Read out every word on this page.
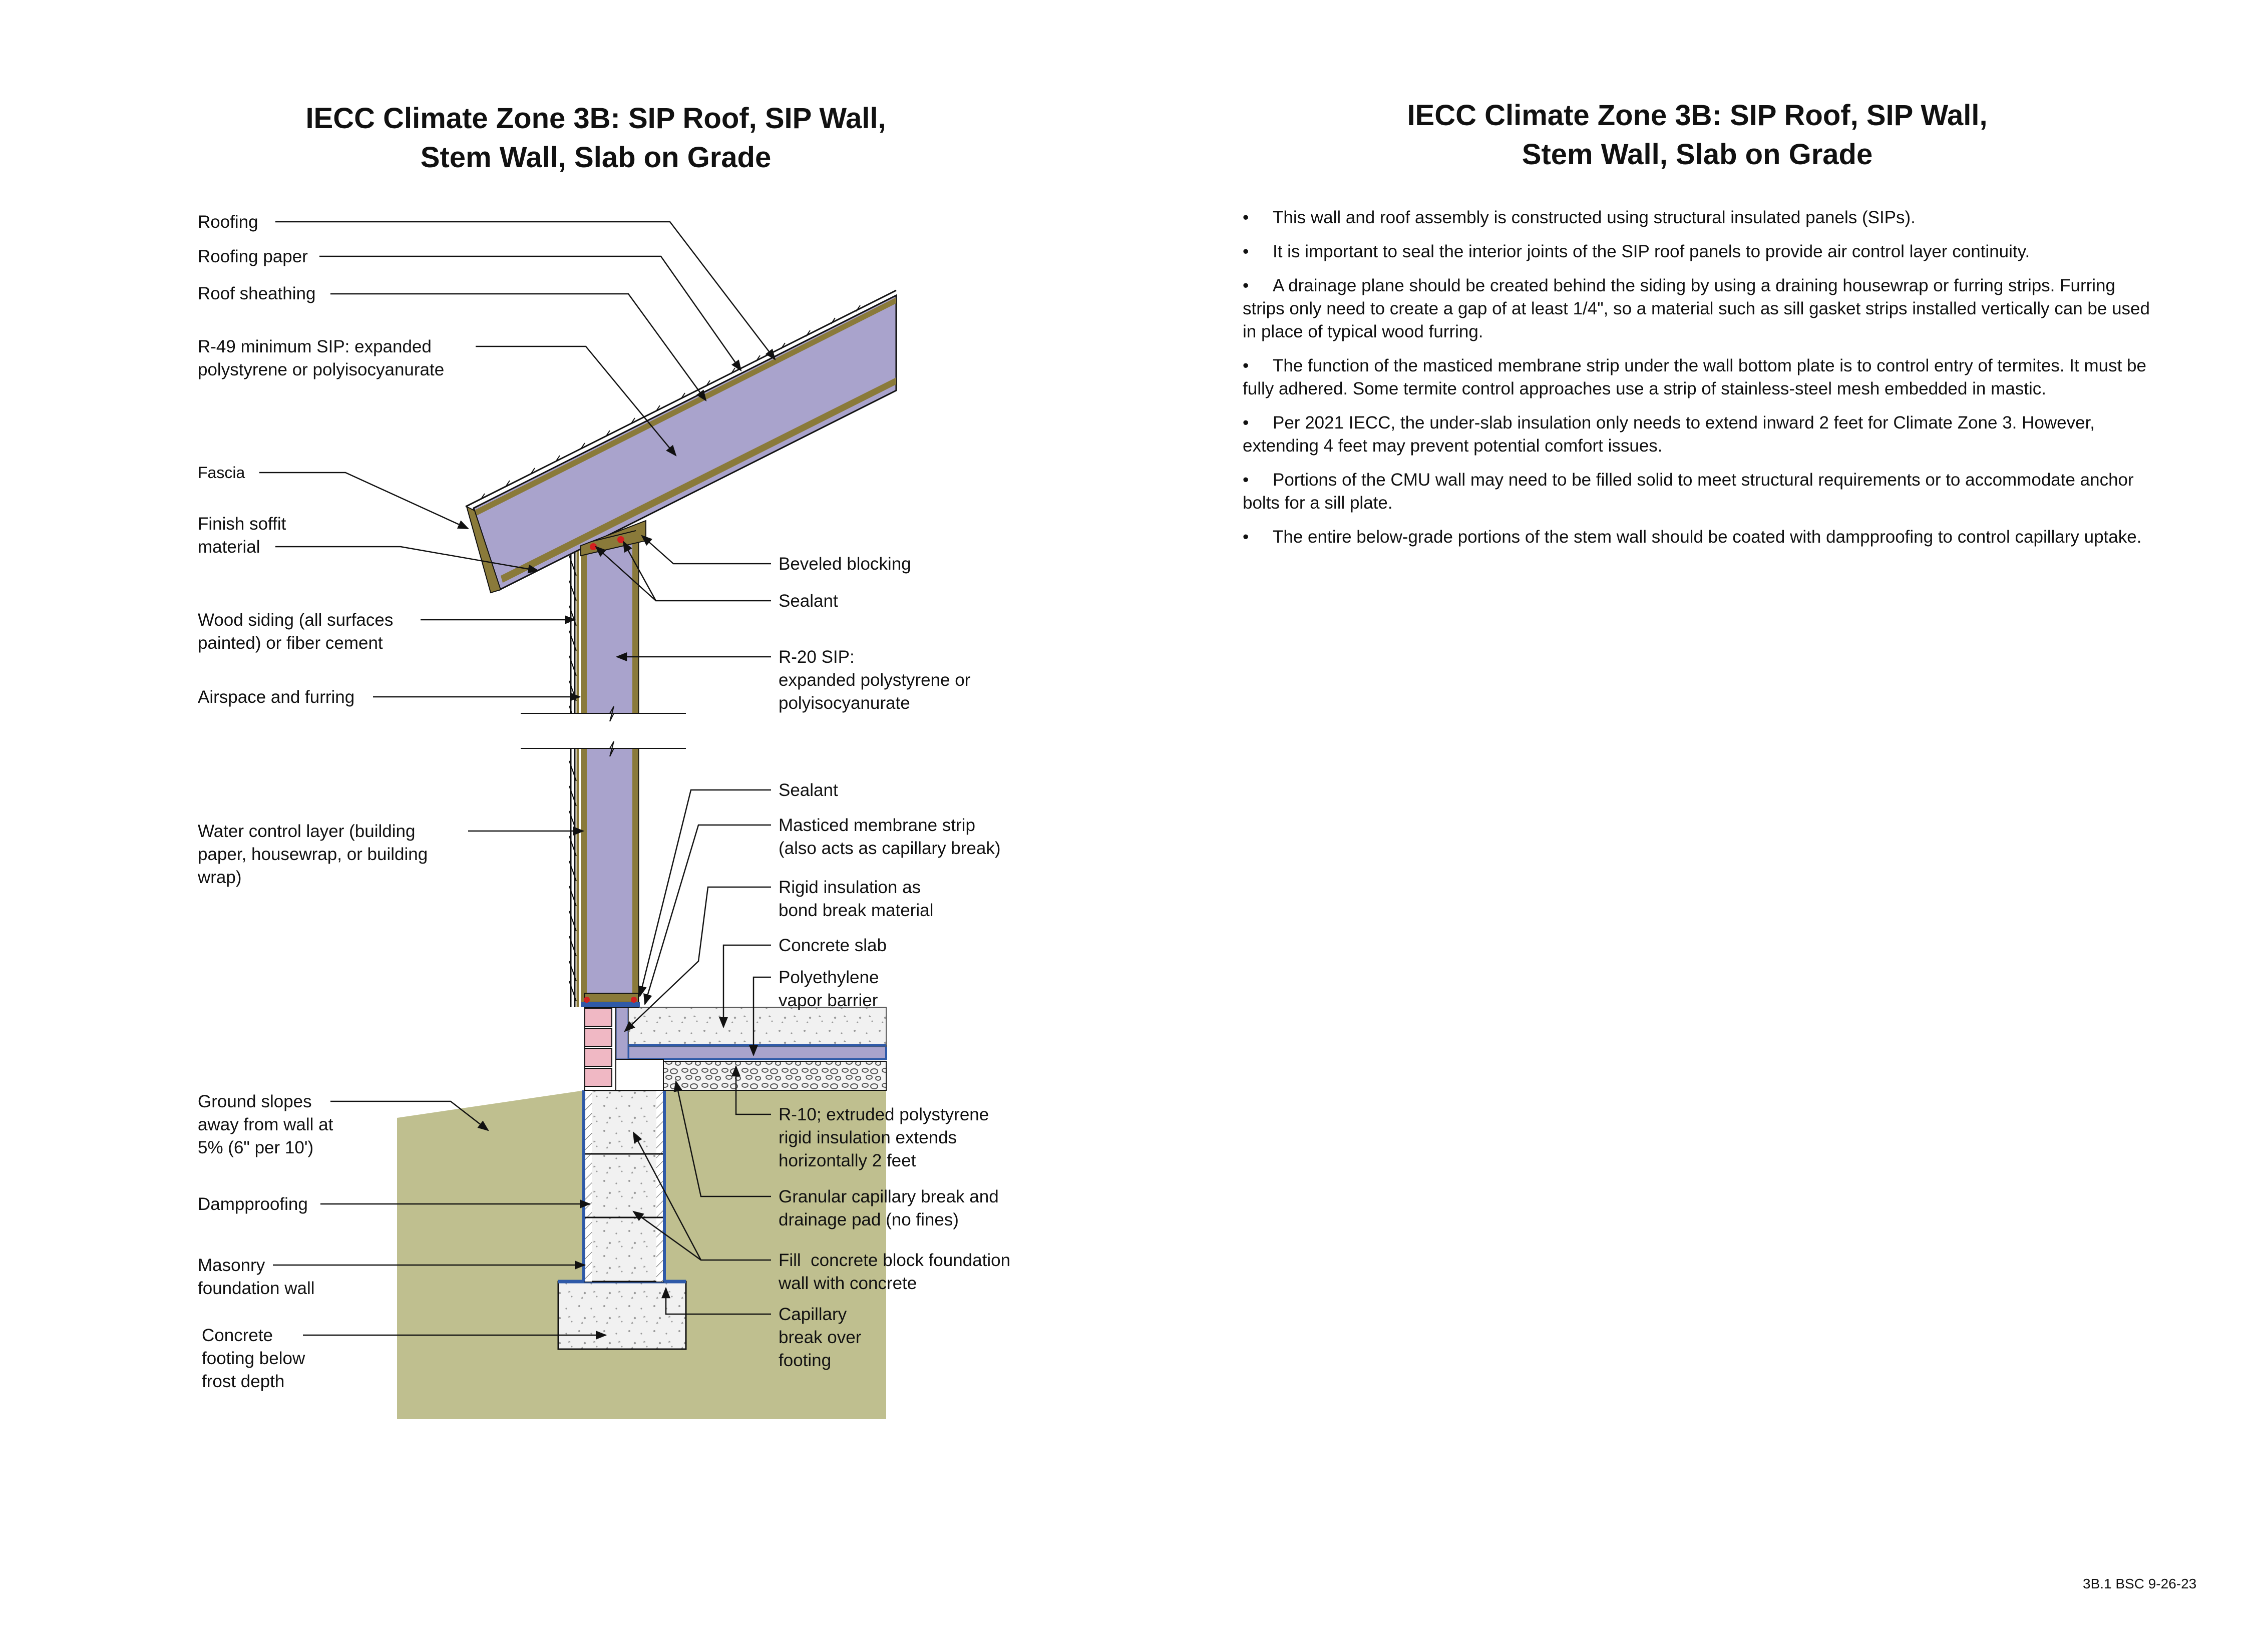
IECC Climate Zone 3B: SIP Roof, SIP Wall,
Stem Wall, Slab on Grade
IECC Climate Zone 3B: SIP Roof, SIP Wall,
Stem Wall, Slab on Grade
Roofing
Roofing paper
Roof sheathing
R-49 minimum SIP: expanded
polystyrene or polyisocyanurate
Fascia
Finish soffit
material
Wood siding (all surfaces
painted) or fiber cement
Airspace and furring
Water control layer (building
paper, housewrap, or building
wrap)
Ground slopes
away from wall at
5% (6" per 10')
Dampproofing
Masonry
foundation wall
Concrete
footing below
frost depth
Beveled blocking
Sealant
R-20 SIP:
expanded polystyrene or
polyisocyanurate
Sealant
Masticed membrane strip
(also acts as capillary break)
Rigid insulation as
bond break material
Concrete slab
Polyethylene
vapor barrier
R-10; extruded polystyrene
rigid insulation extends
horizontally 2 feet
Granular capillary break and
drainage pad (no fines)
Fill  concrete block foundation
wall with concrete
Capillary
break over
footing
• This wall and roof assembly is constructed using structural insulated panels (SIPs).
• It is important to seal the interior joints of the SIP roof panels to provide air control layer continuity.
• A drainage plane should be created behind the siding by using a draining housewrap or furring strips. Furring strips only need to create a gap of at least 1/4", so a material such as sill gasket strips installed vertically can be used in place of typical wood furring.
• The function of the masticed membrane strip under the wall bottom plate is to control entry of termites. It must be fully adhered. Some termite control approaches use a strip of stainless-steel mesh embedded in mastic.
• Per 2021 IECC, the under-slab insulation only needs to extend inward 2 feet for Climate Zone 3. However, extending 4 feet may prevent potential comfort issues.
• Portions of the CMU wall may need to be filled solid to meet structural requirements or to accommodate anchor bolts for a sill plate.
• The entire below-grade portions of the stem wall should be coated with dampproofing to control capillary uptake.
3B.1 BSC 9-26-23
